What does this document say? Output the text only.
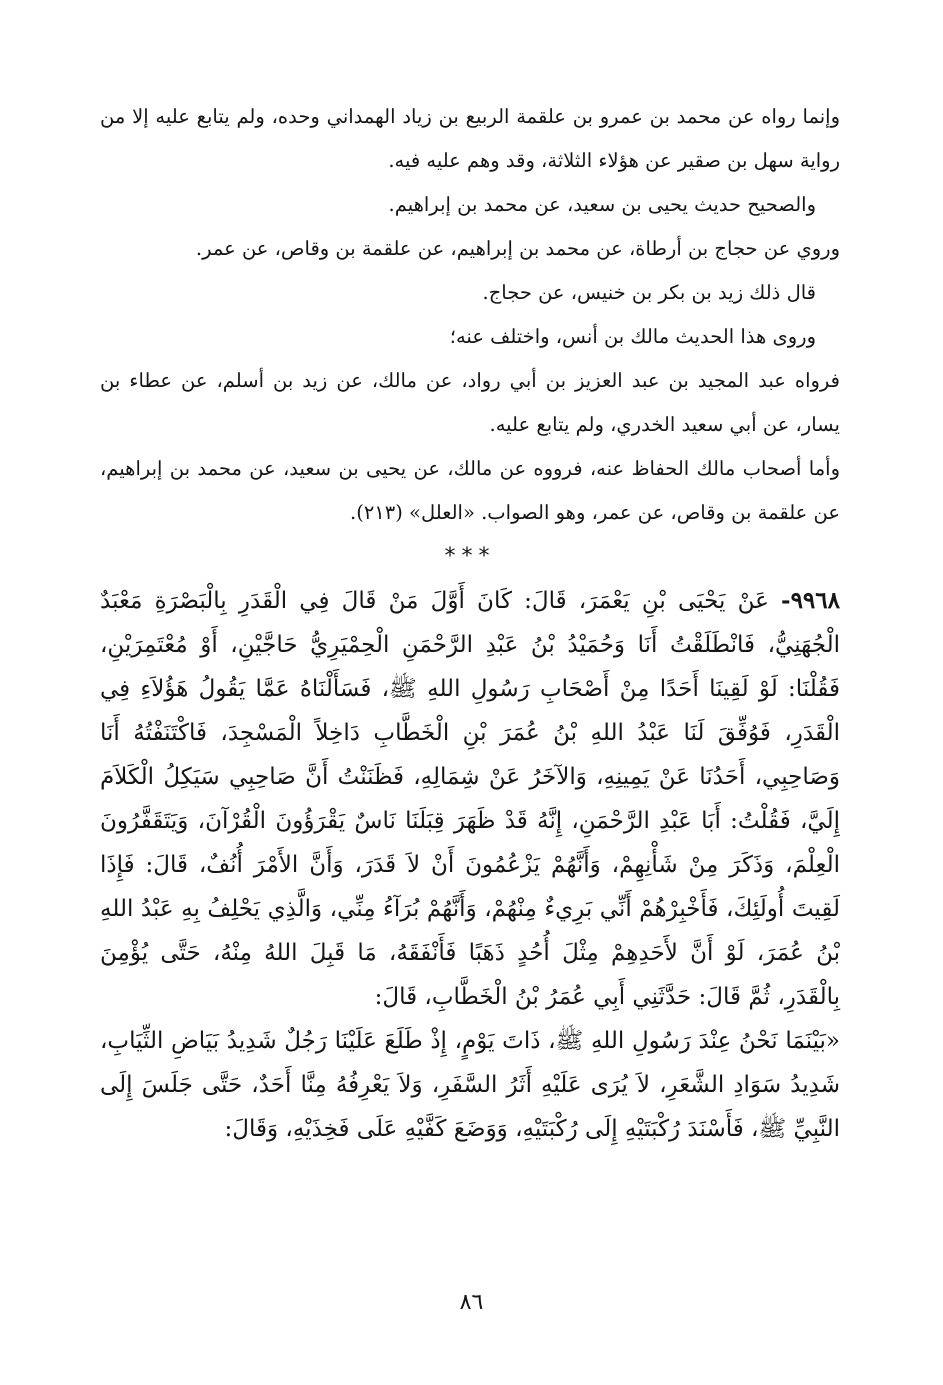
وإنما رواه عن محمد بن عمرو بن علقمة الربيع بن زياد الهمداني وحده، ولم يتابع عليه إلا من رواية سهل بن صقير عن هؤلاء الثلاثة، وقد وهم عليه فيه.

والصحيح حديث يحيى بن سعيد، عن محمد بن إبراهيم.

وروي عن حجاج بن أرطاة، عن محمد بن إبراهيم، عن علقمة بن وقاص، عن عمر.

قال ذلك زيد بن بكر بن خنيس، عن حجاج.

وروى هذا الحديث مالك بن أنس، واختلف عنه؛

فرواه عبد المجيد بن عبد العزيز بن أبي رواد، عن مالك، عن زيد بن أسلم، عن عطاء بن يسار، عن أبي سعيد الخدري، ولم يتابع عليه.

وأما أصحاب مالك الحفاظ عنه، فرووه عن مالك، عن يحيى بن سعيد، عن محمد بن إبراهيم، عن علقمة بن وقاص، عن عمر، وهو الصواب. «العلل» (٢١٣).

***

٩٩٦٨- عَنْ يَحْيَى بْنِ يَعْمَرَ، قَالَ: كَانَ أَوَّلَ مَنْ قَالَ فِي الْقَدَرِ بِالْبَصْرَةِ مَعْبَدٌ الْجُهَنِيُّ، فَانْطَلَقْتُ أَنَا وَحُمَيْدُ بْنُ عَبْدِ الرَّحْمَنِ الْحِمْيَرِيُّ حَاجَّيْنِ، أَوْ مُعْتَمِرَيْنِ، فَقُلْنَا: لَوْ لَقِينَا أَحَدًا مِنْ أَصْحَابِ رَسُولِ اللهِ ﷺ، فَسَأَلْنَاهُ عَمَّا يَقُولُ هَؤُلاَءِ فِي الْقَدَرِ، فَوُفِّقَ لَنَا عَبْدُ اللهِ بْنُ عُمَرَ بْنِ الْخَطَّابِ دَاخِلاً الْمَسْجِدَ، فَاكْتَنَفْتُهُ أَنَا وَصَاحِبِي، أَحَدُنَا عَنْ يَمِينِهِ، وَالآخَرُ عَنْ شِمَالِهِ، فَظَنَنْتُ أَنَّ صَاحِبِي سَيَكِلُ الْكَلاَمَ إِلَيَّ، فَقُلْتُ: أَبَا عَبْدِ الرَّحْمَنِ، إِنَّهُ قَدْ ظَهَرَ قِبَلَنَا نَاسٌ يَقْرَؤُونَ الْقُرْآنَ، وَيَتَقَفَّرُونَ الْعِلْمَ، وَذَكَرَ مِنْ شَأْنِهِمْ، وَأَنَّهُمْ يَزْعُمُونَ أَنْ لاَ قَدَرَ، وَأَنَّ الأَمْرَ أُنُفٌ، قَالَ: فَإِذَا لَقِيتَ أُولَئِكَ، فَأَخْبِرْهُمْ أَنِّي بَرِيءٌ مِنْهُمْ، وَأَنَّهُمْ بُرَآءُ مِنِّي، وَالَّذِي يَحْلِفُ بِهِ عَبْدُ اللهِ بْنُ عُمَرَ، لَوْ أَنَّ لأَحَدِهِمْ مِثْلَ أُحُدٍ ذَهَبًا فَأَنْفَقَهُ، مَا قَبِلَ اللهُ مِنْهُ، حَتَّى يُؤْمِنَ بِالْقَدَرِ، ثُمَّ قَالَ: حَدَّثَنِي أَبِي عُمَرُ بْنُ الْخَطَّابِ، قَالَ:

«بَيْنَمَا نَحْنُ عِنْدَ رَسُولِ اللهِ ﷺ، ذَاتَ يَوْمٍ، إِذْ طَلَعَ عَلَيْنَا رَجُلٌ شَدِيدُ بَيَاضِ الثِّيَابِ، شَدِيدُ سَوَادِ الشَّعَرِ، لاَ يُرَى عَلَيْهِ أَثَرُ السَّفَرِ، وَلاَ يَعْرِفُهُ مِنَّا أَحَدٌ، حَتَّى جَلَسَ إِلَى النَّبِيِّ ﷺ، فَأَسْنَدَ رُكْبَتَيْهِ إِلَى رُكْبَتَيْهِ، وَوَضَعَ كَفَّيْهِ عَلَى فَخِذَيْهِ، وَقَالَ:

٨٦
